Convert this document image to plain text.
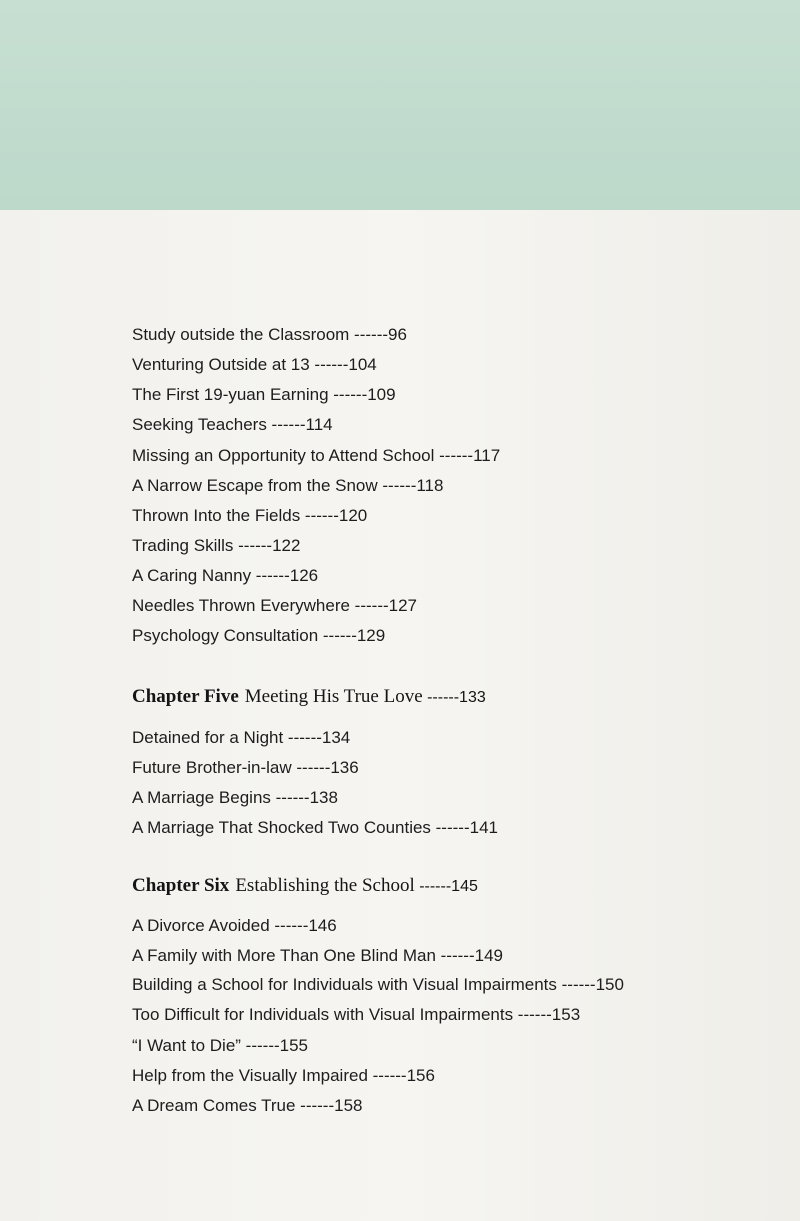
Study outside the Classroom ------96
Venturing Outside at 13 ------104
The First 19-yuan Earning ------109
Seeking Teachers ------114
Missing an Opportunity to Attend School ------117
A Narrow Escape from the Snow ------118
Thrown Into the Fields ------120
Trading Skills ------122
A Caring Nanny ------126
Needles Thrown Everywhere ------127
Psychology Consultation ------129
Chapter Five Meeting His True Love ------133
Detained for a Night ------134
Future Brother-in-law ------136
A Marriage Begins ------138
A Marriage That Shocked Two Counties ------141
Chapter Six Establishing the School ------145
A Divorce Avoided ------146
A Family with More Than One Blind Man ------149
Building a School for Individuals with Visual Impairments ------150
Too Difficult for Individuals with Visual Impairments ------153
“I Want to Die” ------155
Help from the Visually Impaired ------156
A Dream Comes True ------158
